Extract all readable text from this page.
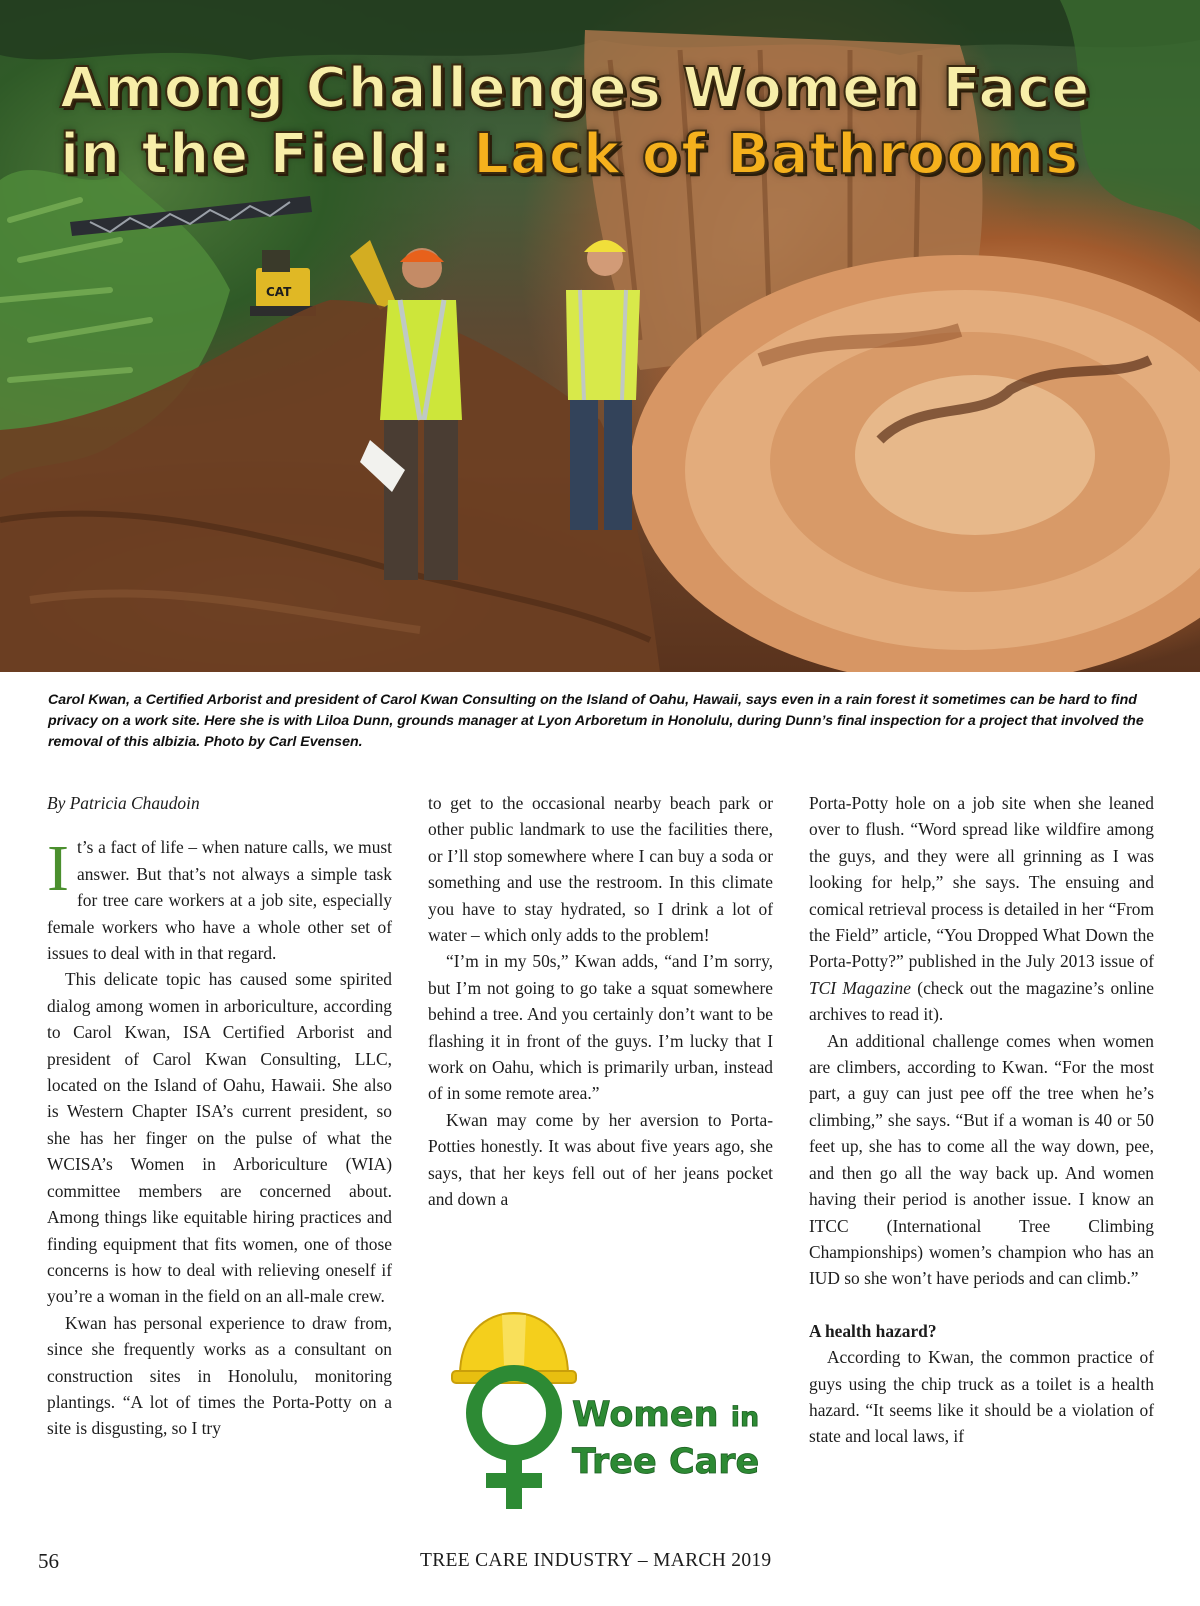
CAT
Among Challenges Women Face
in the Field: Lack of Bathrooms

Carol Kwan, a Certified Arborist and president of Carol Kwan Consulting on the Island of Oahu, Hawaii, says even in a rain forest it sometimes can be hard to find privacy on a work site. Here she is with Liloa Dunn, grounds manager at Lyon Arboretum in Honolulu, during Dunn’s final inspection for a project that involved the removal of this albizia. Photo by Carl Evensen.

By Patricia Chaudoin

It’s a fact of life – when nature calls, we must answer. But that’s not always a simple task for tree care workers at a job site, especially female workers who have a whole other set of issues to deal with in that regard.

This delicate topic has caused some spirited dialog among women in arboriculture, according to Carol Kwan, ISA Certified Arborist and president of Carol Kwan Consulting, LLC, located on the Island of Oahu, Hawaii. She also is Western Chapter ISA’s current president, so she has her finger on the pulse of what the WCISA’s Women in Arboriculture (WIA) committee members are concerned about. Among things like equitable hiring practices and finding equipment that fits women, one of those concerns is how to deal with relieving oneself if you’re a woman in the field on an all-male crew.

Kwan has personal experience to draw from, since she frequently works as a consultant on construction sites in Honolulu, monitoring plantings. “A lot of times the Porta-Potty on a site is disgusting, so I try

to get to the occasional nearby beach park or other public landmark to use the facilities there, or I’ll stop somewhere where I can buy a soda or something and use the restroom. In this climate you have to stay hydrated, so I drink a lot of water – which only adds to the problem!

“I’m in my 50s,” Kwan adds, “and I’m sorry, but I’m not going to go take a squat somewhere behind a tree. And you certainly don’t want to be flashing it in front of the guys. I’m lucky that I work on Oahu, which is primarily urban, instead of in some remote area.”

Kwan may come by her aversion to Porta-Potties honestly. It was about five years ago, she says, that her keys fell out of her jeans pocket and down a

Women in
Tree Care

Porta-Potty hole on a job site when she leaned over to flush. “Word spread like wildfire among the guys, and they were all grinning as I was looking for help,” she says. The ensuing and comical retrieval process is detailed in her “From the Field” article, “You Dropped What Down the Porta-Potty?” published in the July 2013 issue of TCI Magazine (check out the magazine’s online archives to read it).

An additional challenge comes when women are climbers, according to Kwan. “For the most part, a guy can just pee off the tree when he’s climbing,” she says. “But if a woman is 40 or 50 feet up, she has to come all the way down, pee, and then go all the way back up. And women having their period is another issue. I know an ITCC (International Tree Climbing Championships) women’s champion who has an IUD so she won’t have periods and can climb.”

A health hazard?

According to Kwan, the common practice of guys using the chip truck as a toilet is a health hazard. “It seems like it should be a violation of state and local laws, if

56	TREE CARE INDUSTRY – MARCH 2019
